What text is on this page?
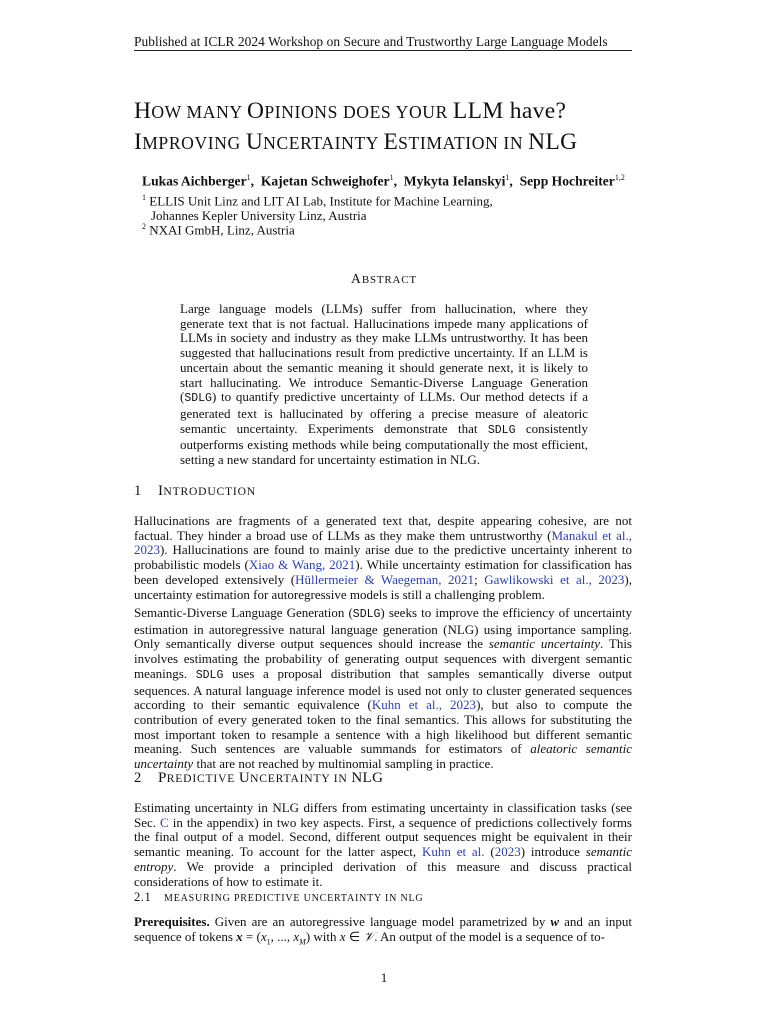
Published at ICLR 2024 Workshop on Secure and Trustworthy Large Language Models
HOW MANY OPINIONS DOES YOUR LLM have?
IMPROVING UNCERTAINTY ESTIMATION IN NLG
Lukas Aichberger$^1$,  Kajetan Schweighofer$^1$,  Mykyta Ielanskyi$^1$,  Sepp Hochreiter$^{1,2}$
$^1$ ELLIS Unit Linz and LIT AI Lab, Institute for Machine Learning,
Johannes Kepler University Linz, Austria
$^2$ NXAI GmbH, Linz, Austria
ABSTRACT

Large language models (LLMs) suffer from hallucination, where they generate text that is not factual. Hallucinations impede many applications of LLMs in society and industry as they make LLMs untrustworthy. It has been suggested that hallucinations result from predictive uncertainty. If an LLM is uncertain about the semantic meaning it should generate next, it is likely to start hallucinating. We introduce Semantic-Diverse Language Generation (SDLG) to quantify predictive uncertainty of LLMs. Our method detects if a generated text is hallucinated by offering a precise measure of aleatoric semantic uncertainty. Experiments demonstrate that SDLG consistently outperforms existing methods while being computationally the most efficient, setting a new standard for uncertainty estimation in NLG.

1 INTRODUCTION

Hallucinations are fragments of a generated text that, despite appearing cohesive, are not factual. They hinder a broad use of LLMs as they make them untrustworthy (Manakul et al., 2023). Hallucinations are found to mainly arise due to the predictive uncertainty inherent to probabilistic models (Xiao & Wang, 2021). While uncertainty estimation for classification has been developed extensively (Hüllermeier & Waegeman, 2021; Gawlikowski et al., 2023), uncertainty estimation for autoregressive models is still a challenging problem.

Semantic-Diverse Language Generation (SDLG) seeks to improve the efficiency of uncertainty estimation in autoregressive natural language generation (NLG) using importance sampling. Only semantically diverse output sequences should increase the semantic uncertainty. This involves estimating the probability of generating output sequences with divergent semantic meanings. SDLG uses a proposal distribution that samples semantically diverse output sequences. A natural language inference model is used not only to cluster generated sequences according to their semantic equivalence (Kuhn et al., 2023), but also to compute the contribution of every generated token to the final semantics. This allows for substituting the most important token to resample a sentence with a high likelihood but different semantic meaning. Such sentences are valuable summands for estimators of aleatoric semantic uncertainty that are not reached by multinomial sampling in practice.

2 PREDICTIVE UNCERTAINTY IN NLG

Estimating uncertainty in NLG differs from estimating uncertainty in classification tasks (see Sec. C in the appendix) in two key aspects. First, a sequence of predictions collectively forms the final output of a model. Second, different output sequences might be equivalent in their semantic meaning. To account for the latter aspect, Kuhn et al. (2023) introduce semantic entropy. We provide a principled derivation of this measure and discuss practical considerations of how to estimate it.

2.1 MEASURING PREDICTIVE UNCERTAINTY IN NLG

Prerequisites. Given are an autoregressive language model parametrized by w and an input sequence of tokens $x = (x_1$, ..., $x_M$) with x ∈ 𝒱. An output of the model is a sequence of to-

1
